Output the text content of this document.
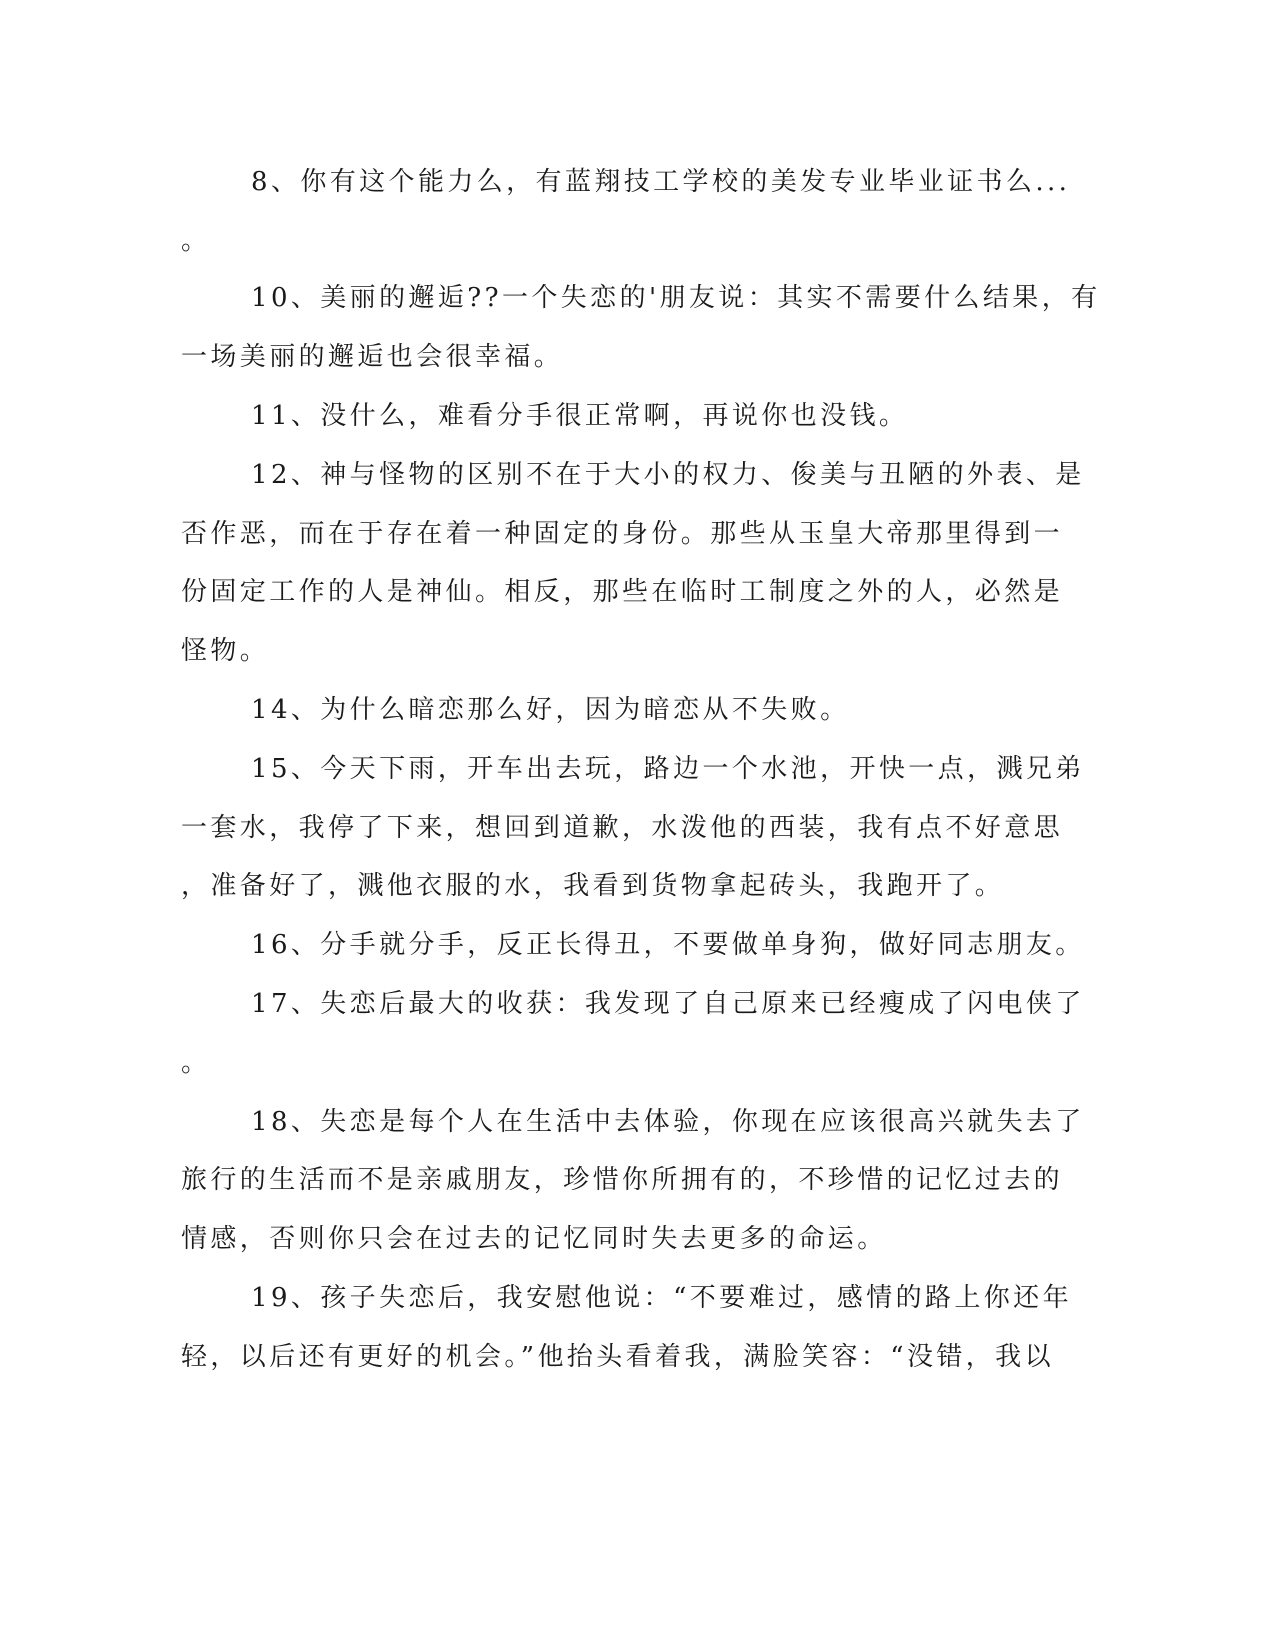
8、你有这个能力么，有蓝翔技工学校的美发专业毕业证书么...
。
10、美丽的邂逅??一个失恋的'朋友说：其实不需要什么结果，有
一场美丽的邂逅也会很幸福。
11、没什么，难看分手很正常啊，再说你也没钱。
12、神与怪物的区别不在于大小的权力、俊美与丑陋的外表、是
否作恶，而在于存在着一种固定的身份。那些从玉皇大帝那里得到一
份固定工作的人是神仙。相反，那些在临时工制度之外的人，必然是
怪物。
14、为什么暗恋那么好，因为暗恋从不失败。
15、今天下雨，开车出去玩，路边一个水池，开快一点，溅兄弟
一套水，我停了下来，想回到道歉，水泼他的西装，我有点不好意思
，准备好了，溅他衣服的水，我看到货物拿起砖头，我跑开了。
16、分手就分手，反正长得丑，不要做单身狗，做好同志朋友。
17、失恋后最大的收获：我发现了自己原来已经瘦成了闪电侠了
。
18、失恋是每个人在生活中去体验，你现在应该很高兴就失去了
旅行的生活而不是亲戚朋友，珍惜你所拥有的，不珍惜的记忆过去的
情感，否则你只会在过去的记忆同时失去更多的命运。
19、孩子失恋后，我安慰他说：“不要难过，感情的路上你还年
轻，以后还有更好的机会。”他抬头看着我，满脸笑容：“没错，我以
